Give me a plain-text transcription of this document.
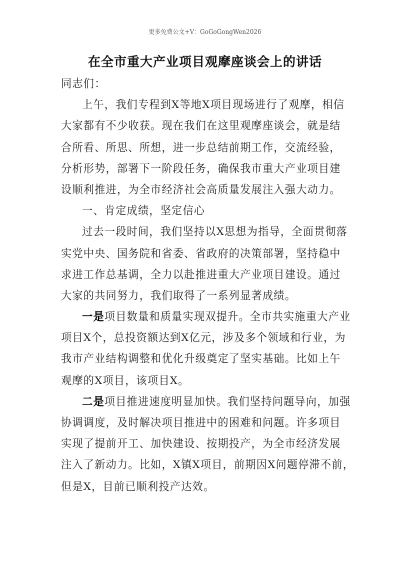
更多免费公文+V：GoGoGongWen2026
在全市重大产业项目观摩座谈会上的讲话
同志们：
上午，我们专程到X等地X项目现场进行了观摩，相信
大家都有不少收获。现在我们在这里观摩座谈会，就是结
合所看、所思、所想，进一步总结前期工作，交流经验，
分析形势，部署下一阶段任务，确保我市重大产业项目建
设顺利推进，为全市经济社会高质量发展注入强大动力。
一、肯定成绩，坚定信心
过去一段时间，我们坚持以X思想为指导，全面贯彻落
实党中央、国务院和省委、省政府的决策部署，坚持稳中
求进工作总基调，全力以赴推进重大产业项目建设。通过
大家的共同努力，我们取得了一系列显著成绩。
一是项目数量和质量实现双提升。全市共实施重大产业
项目X个，总投资额达到X亿元，涉及多个领域和行业，为
我市产业结构调整和优化升级奠定了坚实基础。比如上午
观摩的X项目，该项目X。
二是项目推进速度明显加快。我们坚持问题导向，加强
协调调度，及时解决项目推进中的困难和问题。许多项目
实现了提前开工、加快建设、按期投产，为全市经济发展
注入了新动力。比如，X镇X项目，前期因X问题停滞不前，
但是X，目前已顺利投产达效。
